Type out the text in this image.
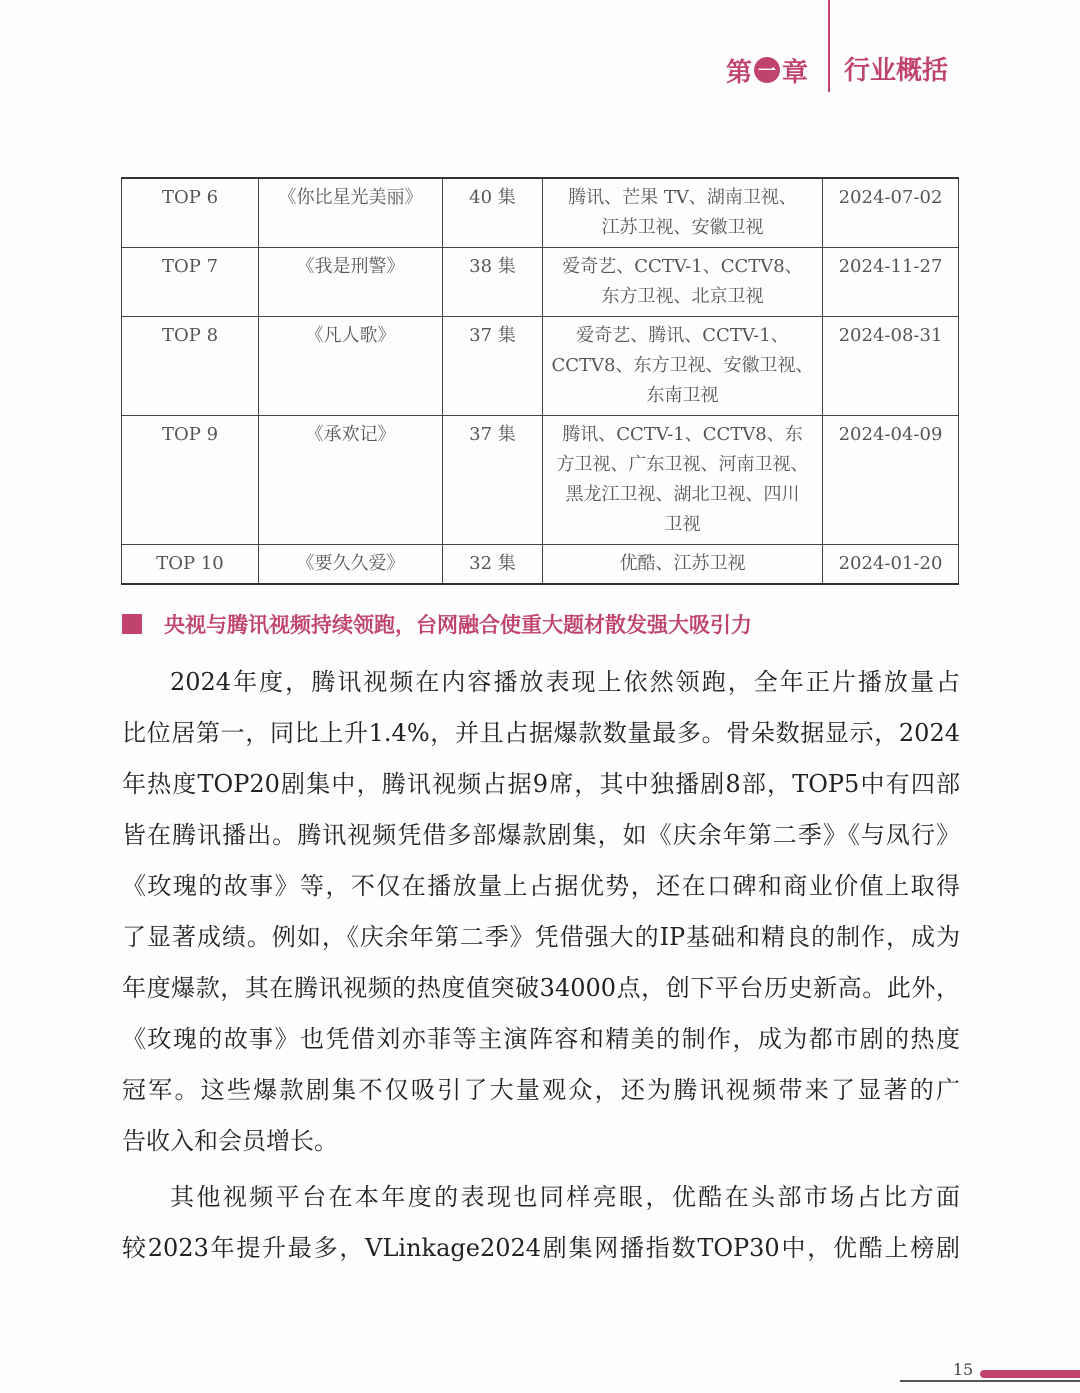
第 一 章 行业概括
TOP 6	《你比星光美丽》	40 集	腾讯、芒果 TV、湖南卫视、
江苏卫视、安徽卫视	2024-07-02
TOP 7	《我是刑警》	38 集	爱奇艺、CCTV-1、CCTV8、
东方卫视、北京卫视	2024-11-27
TOP 8	《凡人歌》	37 集	爱奇艺、腾讯、CCTV-1、
CCTV8、东方卫视、安徽卫视、
东南卫视	2024-08-31
TOP 9	《承欢记》	37 集	腾讯、CCTV-1、CCTV8、东
方卫视、广东卫视、河南卫视、
黑龙江卫视、湖北卫视、四川
卫视	2024-04-09
TOP 10	《要久久爱》	32 集	优酷、江苏卫视	2024-01-20
央视与腾讯视频持续领跑，台网融合使重大题材散发强大吸引力
2024年度，腾讯视频在内容播放表现上依然领跑，全年正片播放量占
比位居第一，同比上升1.4%，并且占据爆款数量最多。骨朵数据显示，2024
年热度TOP20剧集中，腾讯视频占据9席，其中独播剧8部，TOP5中有四部
皆在腾讯播出。腾讯视频凭借多部爆款剧集，如《庆余年第二季》《与凤行》
《玫瑰的故事》等，不仅在播放量上占据优势，还在口碑和商业价值上取得
了显著成绩。例如，《庆余年第二季》凭借强大的IP基础和精良的制作，成为
年度爆款，其在腾讯视频的热度值突破34000点，创下平台历史新高。此外，
《玫瑰的故事》也凭借刘亦菲等主演阵容和精美的制作，成为都市剧的热度
冠军。这些爆款剧集不仅吸引了大量观众，还为腾讯视频带来了显著的广
告收入和会员增长。
其他视频平台在本年度的表现也同样亮眼，优酷在头部市场占比方面
较2023年提升最多，VLinkage2024剧集网播指数TOP30中，优酷上榜剧
15
